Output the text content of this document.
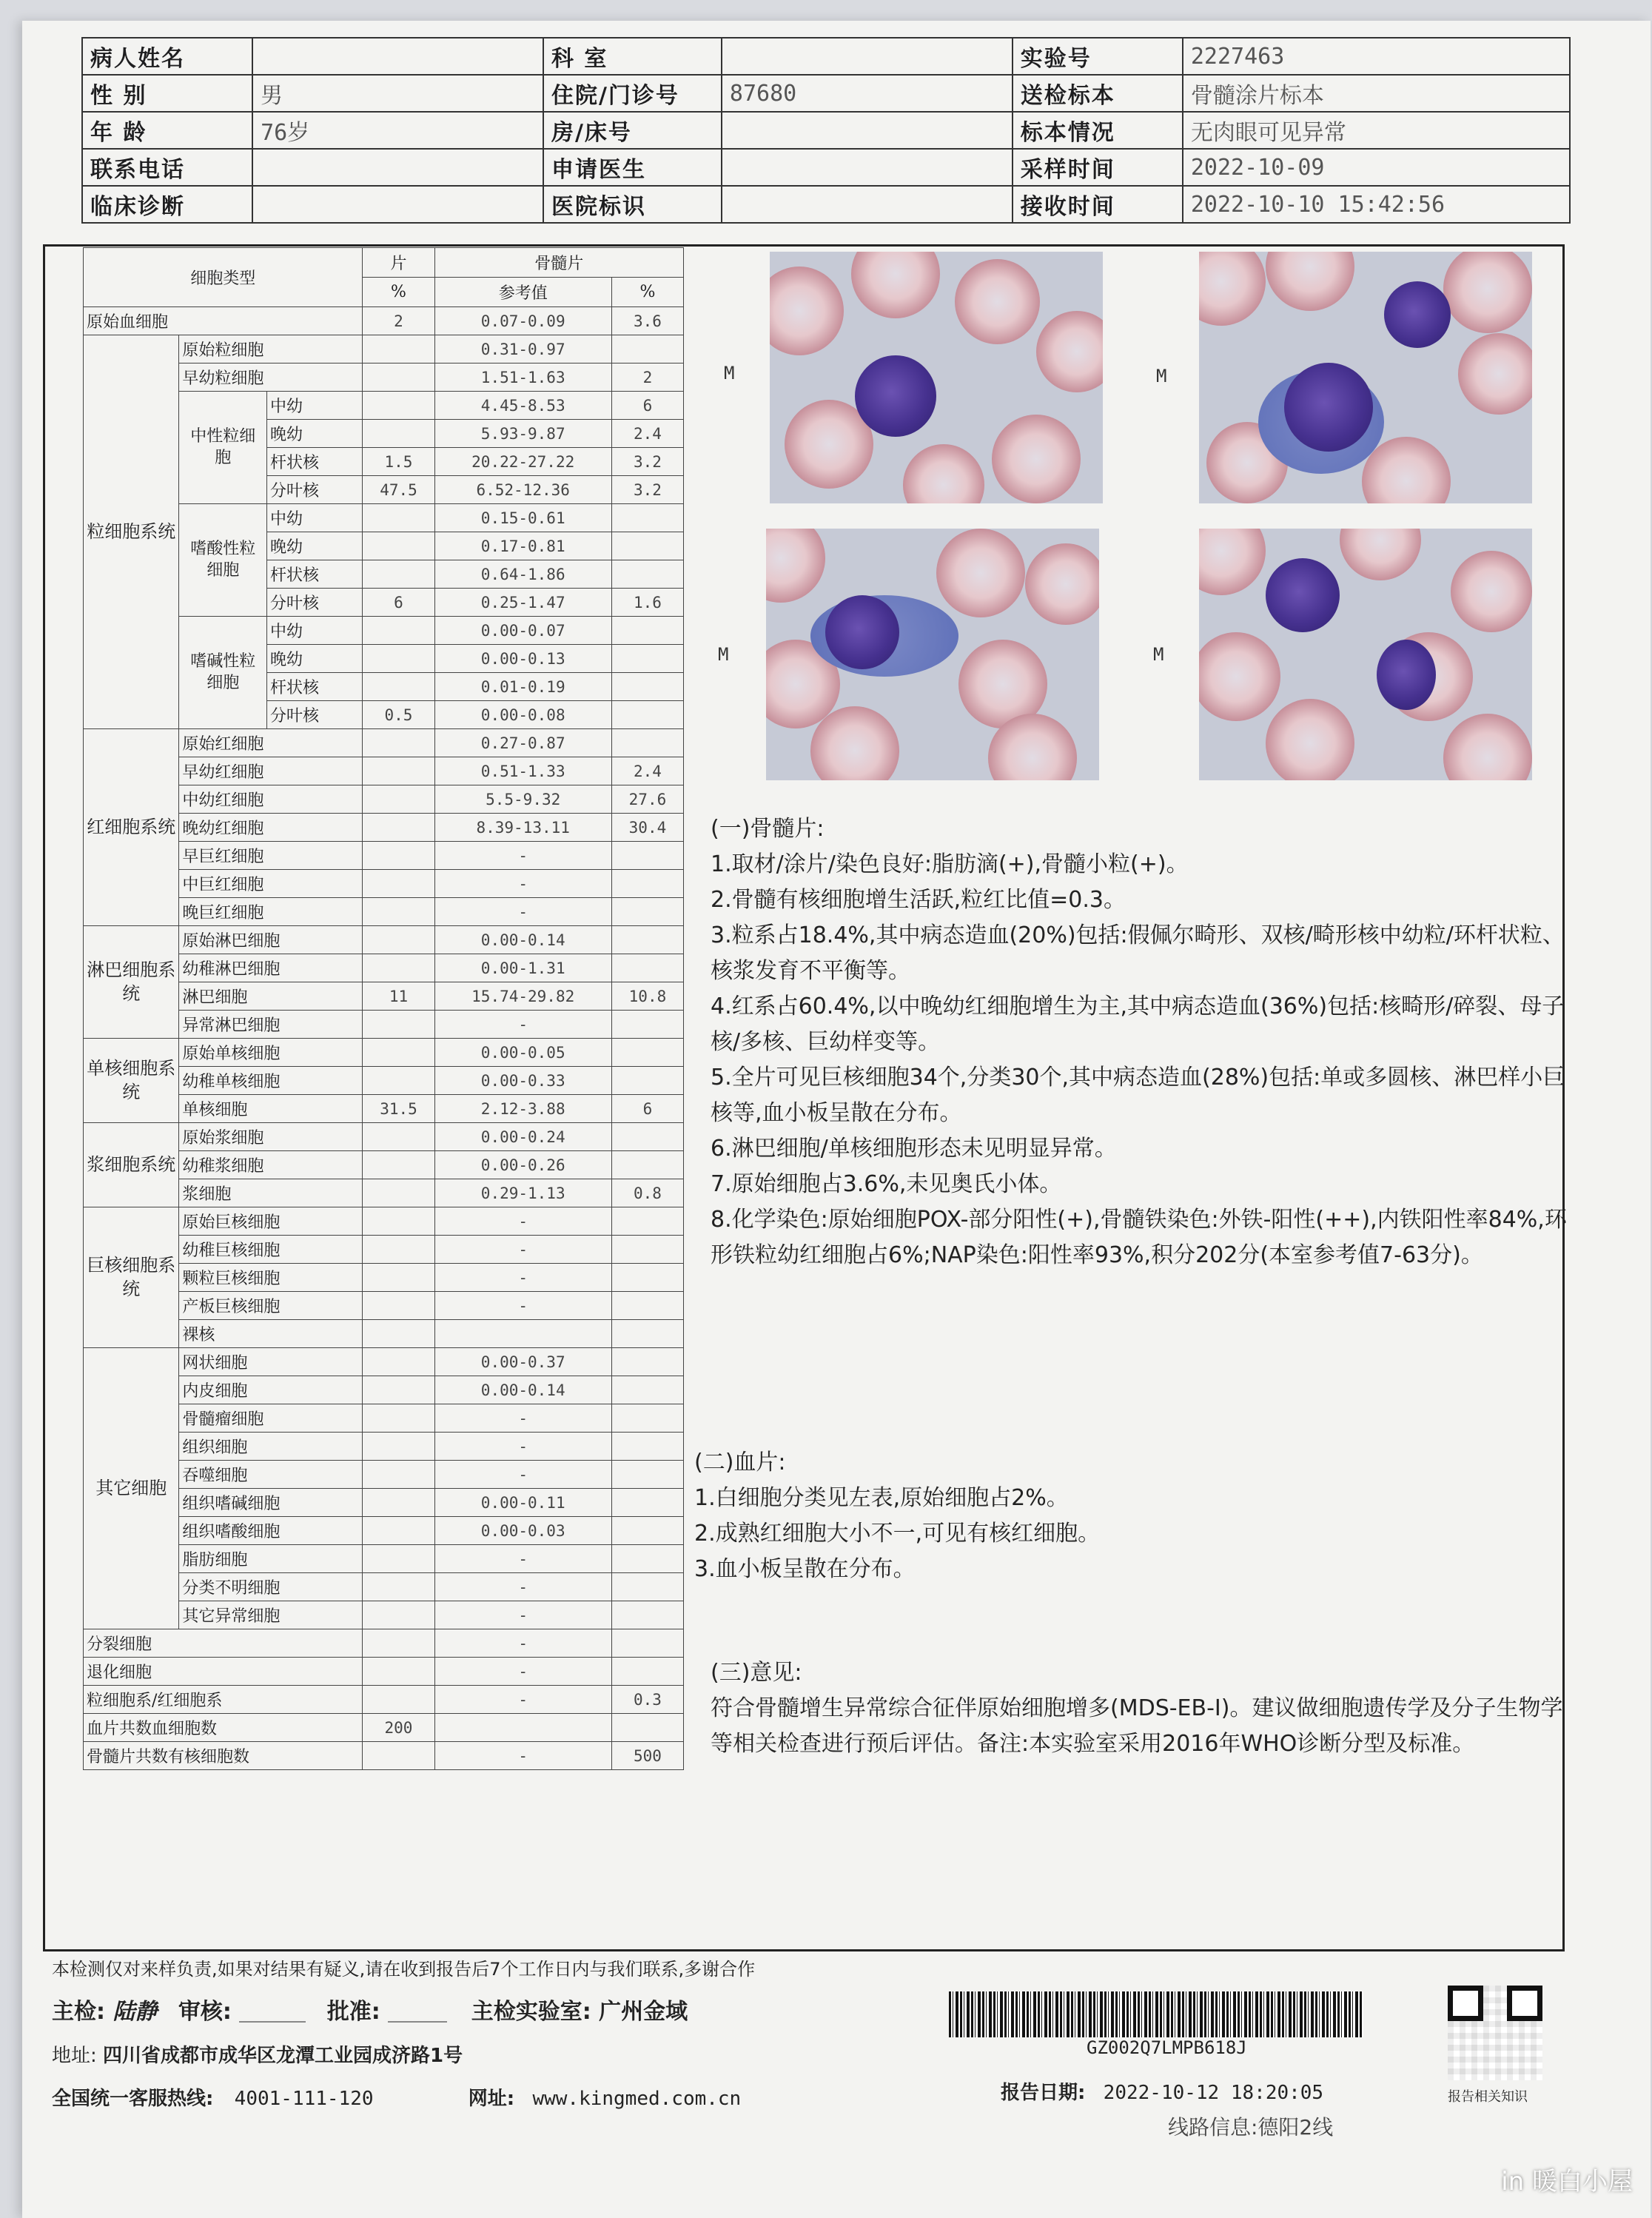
病人姓名		科 室		实验号	2227463
性 别	男	住院/门诊号	87680	送检标本	骨髓涂片标本
年 龄	76岁	房/床号		标本情况	无肉眼可见异常
联系电话		申请医生		采样时间	2022-10-09
临床诊断		医院标识		接收时间	2022-10-10 15:42:56
细胞类型			片	骨髓片	
			%	参考值	%
原始血细胞			2	0.07-0.09	3.6
粒细胞系统	原始粒细胞			0.31-0.97	
	早幼粒细胞			1.51-1.63	2
	中性粒细胞	中幼		4.45-8.53	6
		晚幼		5.93-9.87	2.4
		杆状核	1.5	20.22-27.22	3.2
		分叶核	47.5	6.52-12.36	3.2
	嗜酸性粒细胞	中幼		0.15-0.61	
		晚幼		0.17-0.81	
		杆状核		0.64-1.86	
		分叶核	6	0.25-1.47	1.6
	嗜碱性粒细胞	中幼		0.00-0.07	
		晚幼		0.00-0.13	
		杆状核		0.01-0.19	
		分叶核	0.5	0.00-0.08	
红细胞系统	原始红细胞			0.27-0.87	
	早幼红细胞			0.51-1.33	2.4
	中幼红细胞			5.5-9.32	27.6
	晚幼红细胞			8.39-13.11	30.4
	早巨红细胞			-	
	中巨红细胞			-	
	晚巨红细胞			-	
淋巴细胞系统	原始淋巴细胞			0.00-0.14	
	幼稚淋巴细胞			0.00-1.31	
	淋巴细胞		11	15.74-29.82	10.8
	异常淋巴细胞			-	
单核细胞系统	原始单核细胞			0.00-0.05	
	幼稚单核细胞			0.00-0.33	
	单核细胞		31.5	2.12-3.88	6
浆细胞系统	原始浆细胞			0.00-0.24	
	幼稚浆细胞			0.00-0.26	
	浆细胞			0.29-1.13	0.8
巨核细胞系统	原始巨核细胞			-	
	幼稚巨核细胞			-	
	颗粒巨核细胞			-	
	产板巨核细胞			-	
	裸核				
其它细胞	网状细胞			0.00-0.37	
	内皮细胞			0.00-0.14	
	骨髓瘤细胞			-	
	组织细胞			-	
	吞噬细胞			-	
	组织嗜碱细胞			0.00-0.11	
	组织嗜酸细胞			0.00-0.03	
	脂肪细胞			-	
	分类不明细胞			-	
	其它异常细胞			-	
分裂细胞				-	
退化细胞				-	
粒细胞系/红细胞系				-	0.3
血片共数血细胞数			200		
骨髓片共数有核细胞数				-	500
M	M
M	M

(一)骨髓片:

1.取材/涂片/染色良好:脂肪滴(+),骨髓小粒(+)。

2.骨髓有核细胞增生活跃,粒红比值=0.3。

3.粒系占18.4%,其中病态造血(20%)包括:假佩尔畸形、双核/畸形核中幼粒/环杆状粒、核浆发育不平衡等。

4.红系占60.4%,以中晚幼红细胞增生为主,其中病态造血(36%)包括:核畸形/碎裂、母子核/多核、巨幼样变等。

5.全片可见巨核细胞34个,分类30个,其中病态造血(28%)包括:单或多圆核、淋巴样小巨核等,血小板呈散在分布。

6.淋巴细胞/单核细胞形态未见明显异常。

7.原始细胞占3.6%,未见奥氏小体。

8.化学染色:原始细胞POX-部分阳性(+),骨髓铁染色:外铁-阳性(++),内铁阳性率84%,环形铁粒幼红细胞占6%;NAP染色:阳性率93%,积分202分(本室参考值7-63分)。

(二)血片:

1.白细胞分类见左表,原始细胞占2%。

2.成熟红细胞大小不一,可见有核红细胞。

3.血小板呈散在分布。

(三)意见:

符合骨髓增生异常综合征伴原始细胞增多(MDS-EB-Ⅰ)。建议做细胞遗传学及分子生物学等相关检查进行预后评估。备注:本实验室采用2016年WHO诊断分型及标准。

本检测仅对来样负责,如果对结果有疑义,请在收到报告后7个工作日内与我们联系,多谢合作
主检: 陆静 审核:	批准:	主检实验室: 广州金域
地址: 四川省成都市成华区龙潭工业园成济路1号
全国统一客服热线: 4001-111-120	网址: www.kingmed.com.cn
GZ002Q7LMPB618J
报告日期: 2022-10-12 18:20:05
线路信息:德阳2线
报告相关知识
in 暖白小屋
